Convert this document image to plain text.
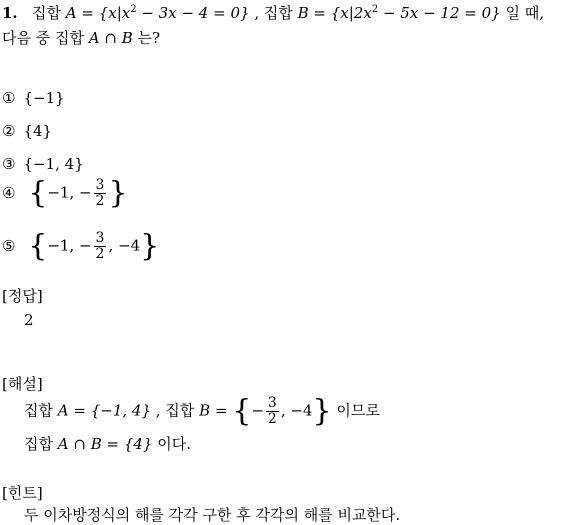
1. 집합 $A = \{x|x^2 - 3x - 4 = 0\}$ , 집합 $B = \{x|2x^2 - 5x - 12 = 0\}$ 일 때,
다음 중 집합 A ∩ B 는?
① {−1}
② {4}
③ {−1, 4}
④ {−1, − $\frac{3}{2}$ }
⑤ {−1, − $\frac{3}{2}$ , −4}
[정답]
2
[해설]
집합 A = {−1, 4} , 집합 B = {− $\frac{3}{2}$ , −4} 이므로
집합 A ∩ B = {4} 이다.
[힌트]
두 이차방정식의 해를 각각 구한 후 각각의 해를 비교한다.
